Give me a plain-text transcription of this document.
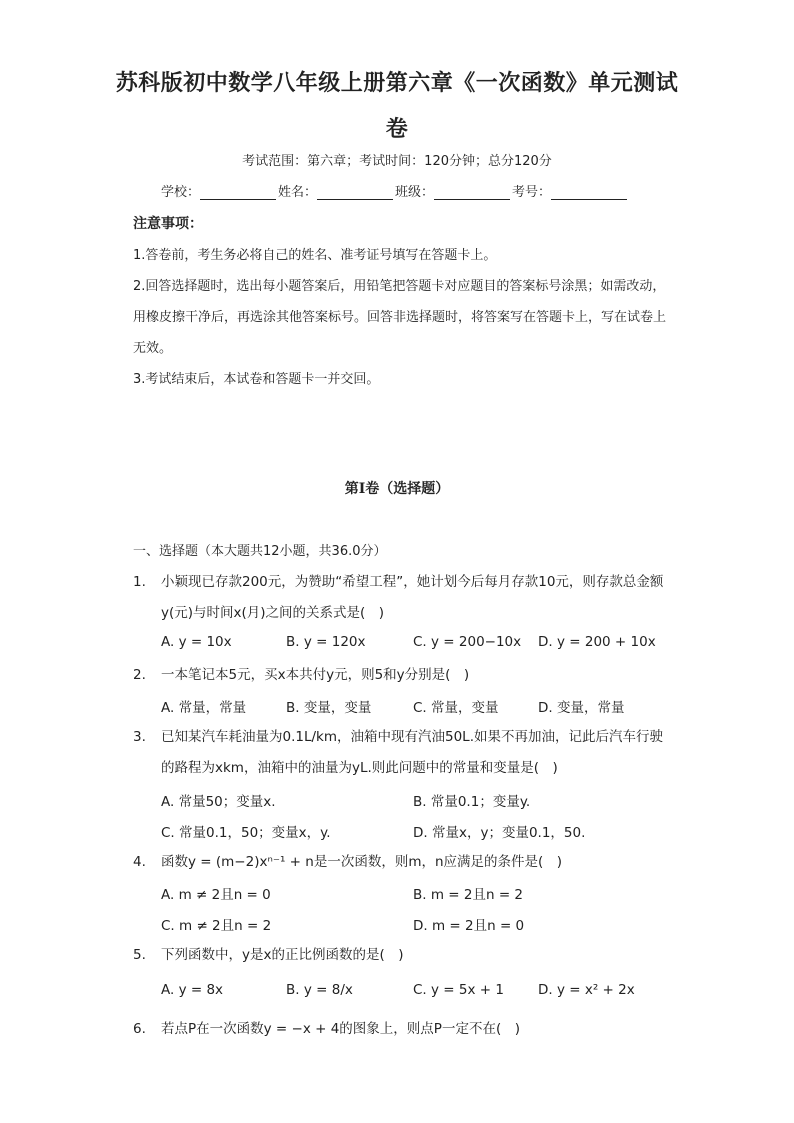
苏科版初中数学八年级上册第六章《一次函数》单元测试
卷
考试范围：第六章；考试时间：120分钟；总分120分
学校：	姓名：	班级：	考号：
注意事项：
1.答卷前，考生务必将自己的姓名、准考证号填写在答题卡上。
2.回答选择题时，选出每小题答案后，用铅笔把答题卡对应题目的答案标号涂黑；如需改动，用橡皮擦干净后，再选涂其他答案标号。回答非选择题时，将答案写在答题卡上，写在试卷上无效。
3.考试结束后，本试卷和答题卡一并交回。
第Ⅰ卷（选择题）
一、选择题（本大题共12小题，共36.0分）
1. 小颖现已存款200元，为赞助“希望工程”，她计划今后每月存款10元，则存款总金额y(元)与时间x(月)之间的关系式是(　)
A. y = 10x	B. y = 120x	C. y = 200−10x D. y = 200 + 10x
2. 一本笔记本5元，买x本共付y元，则5和y分别是(　)
A. 常量，常量	B. 变量，变量	C. 常量，变量	D. 变量，常量
3. 已知某汽车耗油量为0.1L/km，油箱中现有汽油50L.如果不再加油，记此后汽车行驶的路程为xkm，油箱中的油量为yL.则此问题中的常量和变量是(　)
A. 常量50；变量x.	B. 常量0.1；变量y.
C. 常量0.1，50；变量x，y.	D. 常量x，y；变量0.1，50.
4. 函数y = (m−2)xⁿ⁻¹ + n是一次函数，则m，n应满足的条件是(　)
A. m ≠ 2且n = 0	B. m = 2且n = 2
C. m ≠ 2且n = 2	D. m = 2且n = 0
5. 下列函数中，y是x的正比例函数的是(　)
A. y = 8x	B. y = 8/x	C. y = 5x + 1	D. y = x² + 2x
6. 若点P在一次函数y = −x + 4的图象上，则点P一定不在(　)
